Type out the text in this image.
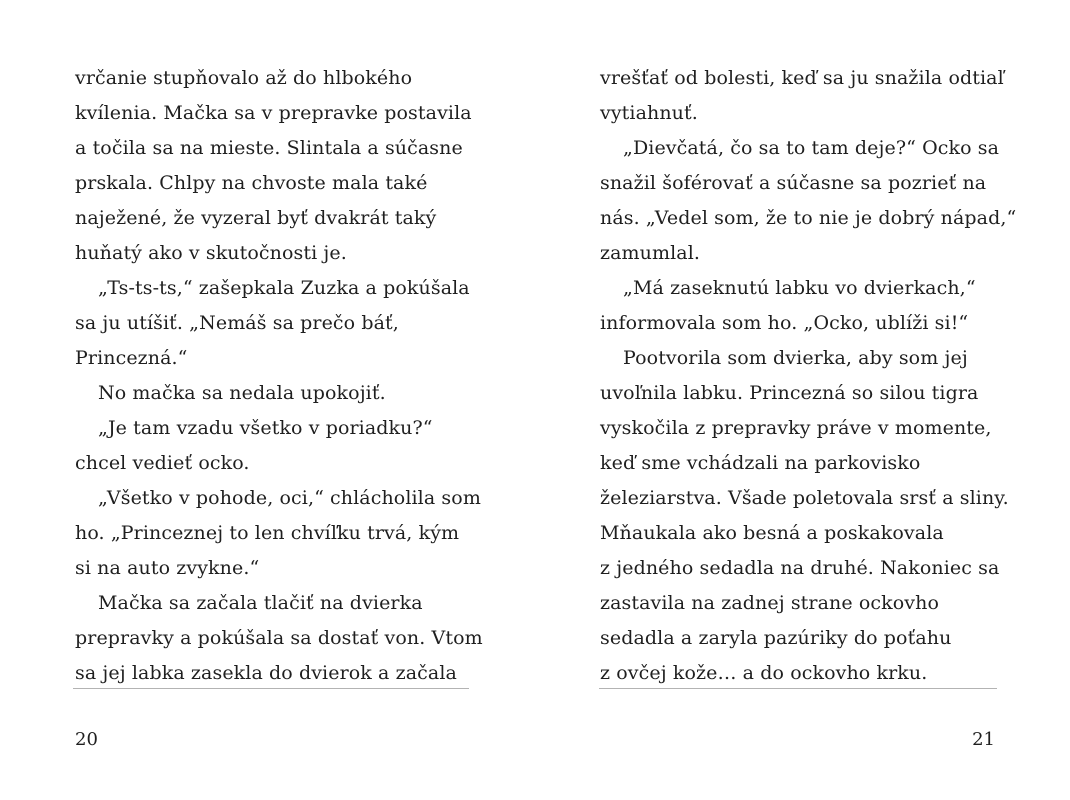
vrčanie stupňovalo až do hlbokého
kvílenia. Mačka sa v prepravke postavila
a točila sa na mieste. Slintala a súčasne
prskala. Chlpy na chvoste mala také
naježené, že vyzeral byť dvakrát taký
huňatý ako v skutočnosti je.
„Ts-ts-ts,“ zašepkala Zuzka a pokúšala
sa ju utíšiť. „Nemáš sa prečo báť,
Princezná.“
No mačka sa nedala upokojiť.
„Je tam vzadu všetko v poriadku?“
chcel vedieť ocko.
„Všetko v pohode, oci,“ chlácholila som
ho. „Princeznej to len chvíľku trvá, kým
si na auto zvykne.“
Mačka sa začala tlačiť na dvierka
prepravky a pokúšala sa dostať von. Vtom
sa jej labka zasekla do dvierok a začala
20
vrešťať od bolesti, keď sa ju snažila odtiaľ
vytiahnuť.
„Dievčatá, čo sa to tam deje?“ Ocko sa
snažil šoférovať a súčasne sa pozrieť na
nás. „Vedel som, že to nie je dobrý nápad,“
zamumlal.
„Má zaseknutú labku vo dvierkach,“
informovala som ho. „Ocko, ublíži si!“
Pootvorila som dvierka, aby som jej
uvoľnila labku. Princezná so silou tigra
vyskočila z prepravky práve v momente,
keď sme vchádzali na parkovisko
železiarstva. Všade poletovala srsť a sliny.
Mňaukala ako besná a poskakovala
z jedného sedadla na druhé. Nakoniec sa
zastavila na zadnej strane ockovho
sedadla a zaryla pazúriky do poťahu
z ovčej kože… a do ockovho krku.
21
